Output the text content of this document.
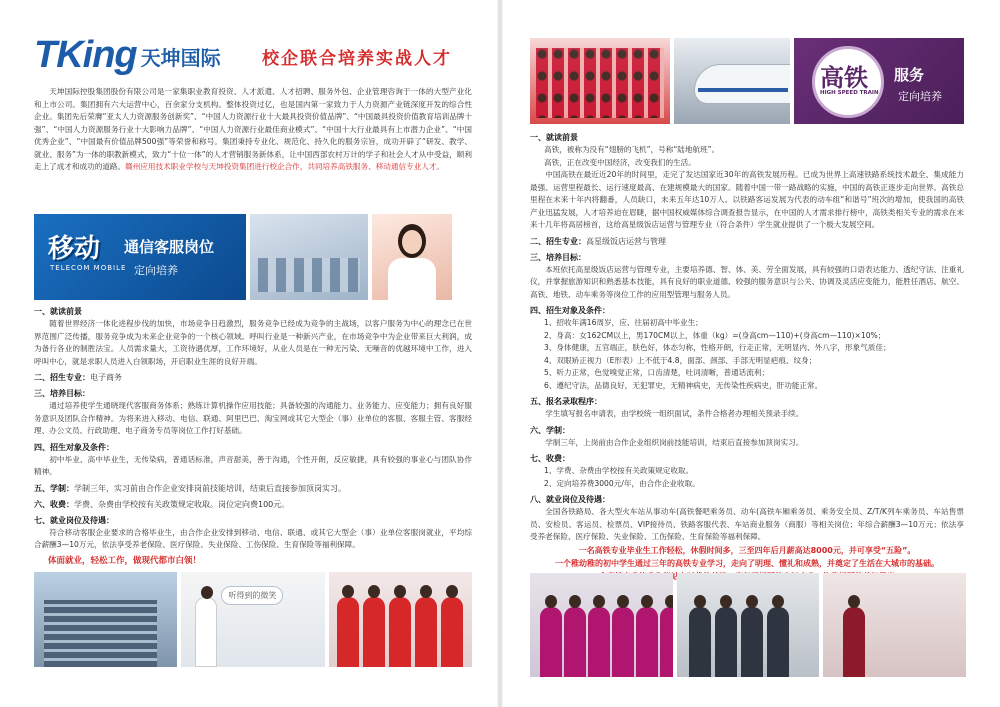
TKing 天坤国际 校企联合培养实战人才

天坤国际控股集团股份有限公司是一家集职业教育投资、人才派遣、人才招聘、服务外包、企业管理咨询于一体的大型产业化和上市公司。集团拥有六大运营中心，百余家分支机构。整体投资过亿，也是国内第一家致力于人力资源产业链深度开发的综合性企业。集团先后荣膺“亚太人力资源服务创新奖”、“中国人力资源行业十大最具投资价值品牌”、“中国最具投资价值教育培训品牌十强”、“中国人力资源服务行业十大影响力品牌”、“中国人力资源行业最佳商业模式”、“中国十大行业最具有上市潜力企业”、“中国优秀企业”、“中国最有价值品牌500强”等荣誉和称号。集团秉持专业化、规范化、持久化的服务宗旨，成功开辟了“研发、教学、就业、服务”为一体的职教新模式，致力“十位一体”的人才营销服务新体系，让中国西部农村万计的学子和社会人才从中受益，顺利走上了成才和成功的道路。赣州应用技术职业学校与天坤投资集团进行校企合作，共同培养高铁服务、移动通信专业人才。

移动
TELECOM MOBILE
通信客服岗位
定向培养
一、就读前景

随着世界经济一体化进程步伐的加快，市场竞争日趋激烈，服务竞争已经成为竞争的主战场，以客户服务为中心的理念已在世界范围广泛传播，服务竞争成为未来企业竞争的一个核心领域。呼叫行业是一种新兴产业，在市场竞争中为企业带来巨大利润，成为备行各业的制胜法宝。人员需求量大，工资待遇优厚，工作环境好，从业人员是在一种无污染、无噪音的优越环境中工作，进入呼叫中心，就是求职人员进入白领职场，开启职业生涯的良好开端。

二、招生专业：电子商务
三、培养目标：

通过培养使学生通晓现代客服商务体系；熟练计算机操作应用技能；具备较强的沟通能力、业务能力、应变能力；拥有良好服务意识及团队合作精神。为将来进入移动、电信、联通、阿里巴巴、淘宝网或其它大型企（事）业单位的客服、客服主管、客服经理、办公文员、行政助理、电子商务专员等岗位工作打好基础。

四、招生对象及条件：

初中毕业、高中毕业生，无传染病，普通话标准，声音甜美，善于沟通，个性开朗，反应敏捷，具有较强的事业心与团队协作精神。

五、学制：学制三年，实习前由合作企业安排岗前技能培训，结束后直接参加顶岗实习。
六、收费：学费、杂费由学校按有关政策规定收取。岗位定向费100元。
七、就业岗位及待遇：

符合移动客服企业要求的合格毕业生，由合作企业安排到移动、电信、联通、或其它大型企（事）业单位客服岗就业，平均综合薪酬3—10万元，依法享受养老保险、医疗保险、失业保险、工伤保险、生育保险等福利保障。

体面就业，轻松工作，做现代都市白领！
听得到的微笑
高铁
HIGH SPEED TRAIN
服务
定向培养
一、就读前景
高铁，被称为没有“翅膀的飞机”，号称“陆地航班”。
高铁，正在改变中国经济，改变我们的生活。

中国高铁在最近近20年的时间里，走完了发达国家近30年的高铁发展历程。已成为世界上高速铁路系统技术最全、集成能力最强、运营里程最长、运行速度最高、在建规模最大的国家。随着中国一带一路战略的实施，中国的高铁正逐步走向世界。高铁总里程在未来十年内将翻番，人员缺口，未来五年达10万人。以铁路客运发展为代表的动车组“和谐号”班次的增加，使我国的高铁产业迅猛发展，人才培养迫在眉睫，据中国权威媒体综合调查报告显示，在中国的人才需求排行榜中，高铁类相关专业的需求在未来十几年将高居榜首，这给高星级饭店运营与管理专业（符合条件）学生就业提供了一个极大发展空间。

二、招生专业：高星级饭店运营与管理
三、培养目标：

本班依托高星级饭店运营与管理专业，主要培养德、智、体、美、劳全面发展，具有较强的口语表达能力、透纪守法、注重礼仪，并掌握旅游知识和熟悉基本技能，具有良好的职业道德、较强的服务意识与公关、协调及灵活应变能力，能胜任酒店、航空、高铁、地铁、动车乘务等岗位工作的应用型管理与服务人员。

四、招生对象及条件：
1、招收年满16周岁，应、往届初高中毕业生；
2、身高：女162CM以上，男170CM以上，体重（kg）=(身高cm—110)+(身高cm—110)×10%；
3、身体健康，五官端正，肤色好，体态匀称，性格开朗，行走正常，无明显内、外八字，形象气质佳；
4、双眼矫正视力（E形表）上不低于4.8，面部、颈部、手部无明显疤痕、纹身；
5、听力正常，色觉嗅觉正常，口齿清楚，吐词清晰，普通话流利；
6、遵纪守法，品德良好，无犯罪史，无精神病史，无传染性疾病史，肝功能正常。
五、报名录取程序：

学生填写报名申请表，由学校统一组织面试，条件合格者办理相关预录手续。

六、学制：

学制三年，上岗前由合作企业组织岗前技能培训，结束后直接参加顶岗实习。

七、收费：
1、学费、杂费由学校按有关政策规定收取。
2、定向培养费3000元/年，由合作企业收取。
八、就业岗位及待遇：

全国各铁路局、各大型火车站从事动车(高铁餐吧乘务员、动车(高铁车厢乘务员、乘务安全员、Z/T/K列车乘务员、车站售票员、安检员、客运员、检票员、VIP接待员、铁路客服代表、车站商业服务（商服）等相关岗位；年综合薪酬3—10万元；依法享受养老保险、医疗保险、失业保险、工伤保险、生育保险等福利保障。

一名高铁专业毕业生工作轻松，休假时间多，三至四年后月薪高达8000元，并可享受“五险”。
一个稚幼稚的初中学生通过三年的高铁专业学习，走向了明理、懂礼和成熟，并奠定了生活在大城市的基础。
